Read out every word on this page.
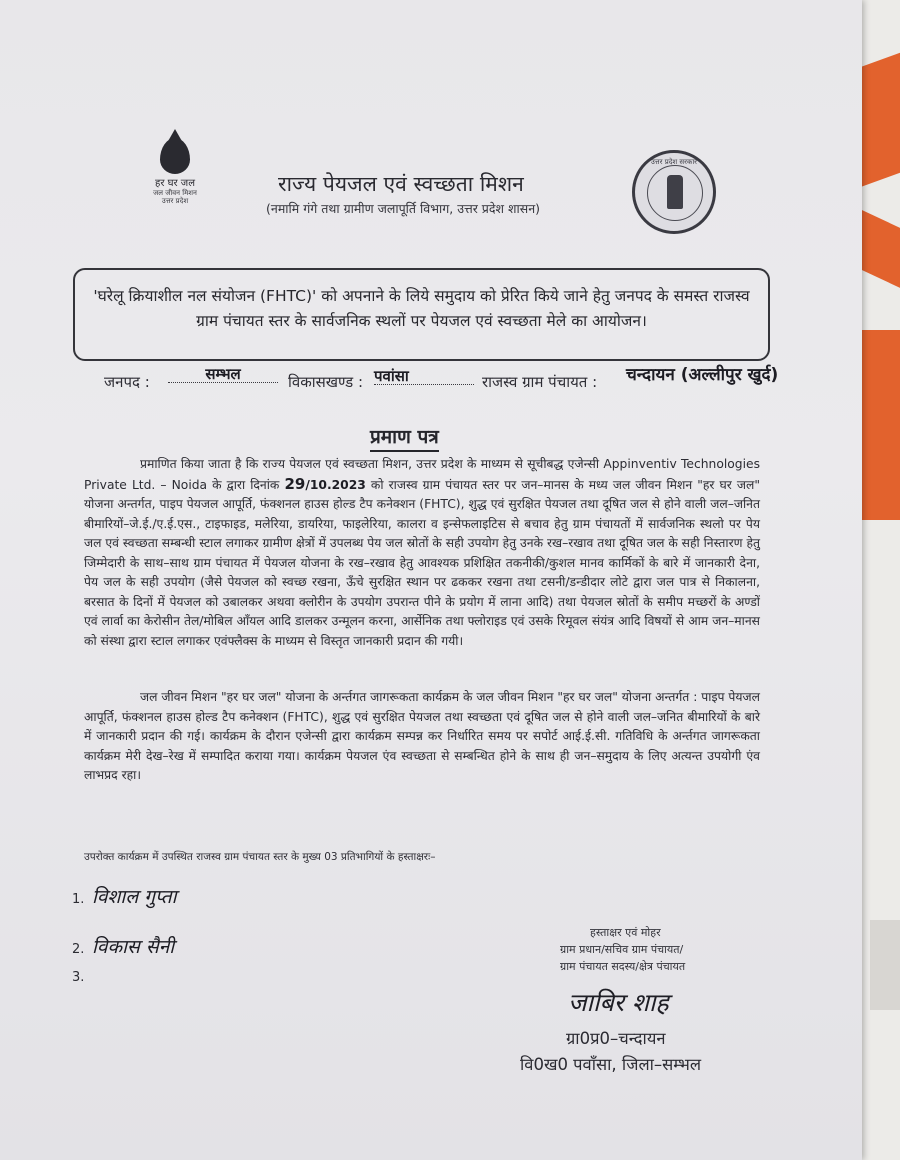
हर घर जल
जल जीवन मिशन
उत्तर प्रदेश
राज्य पेयजल एवं स्वच्छता मिशन
(नमामि गंगे तथा ग्रामीण जलापूर्ति विभाग, उत्तर प्रदेश शासन)
उत्तर प्रदेश सरकार
'घरेलू क्रियाशील नल संयोजन (FHTC)' को अपनाने के लिये समुदाय को प्रेरित किये जाने हेतु जनपद के समस्त राजस्व ग्राम पंचायत स्तर के सार्वजनिक स्थलों पर पेयजल एवं स्वच्छता मेले का आयोजन।
जनपद :	सम्भल	विकासखण्ड : पवांसा	राजस्व ग्राम पंचायत : चन्दायन (अल्लीपुर खुर्द)
प्रमाण पत्र
प्रमाणित किया जाता है कि राज्य पेयजल एवं स्वच्छता मिशन, उत्तर प्रदेश के माध्यम से सूचीबद्ध एजेन्सी Appinventiv Technologies Private Ltd. – Noida के द्वारा दिनांक 29/10.2023 को राजस्व ग्राम पंचायत स्तर पर जन–मानस के मध्य जल जीवन मिशन "हर घर जल" योजना अन्तर्गत, पाइप पेयजल आपूर्ति, फंक्शनल हाउस होल्ड टैप कनेक्शन (FHTC), शुद्ध एवं सुरक्षित पेयजल तथा दूषित जल से होने वाली जल–जनित बीमारियों–जे.ई./ए.ई.एस., टाइफाइड, मलेरिया, डायरिया, फाइलेरिया, कालरा व इन्सेफलाइटिस से बचाव हेतु ग्राम पंचायतों में सार्वजनिक स्थलो पर पेय जल एवं स्वच्छता सम्बन्धी स्टाल लगाकर ग्रामीण क्षेत्रों में उपलब्ध पेय जल स्रोतों के सही उपयोग हेतु उनके रख–रखाव तथा दूषित जल के सही निस्तारण हेतु जिम्मेदारी के साथ–साथ ग्राम पंचायत में पेयजल योजना के रख–रखाव हेतु आवश्यक प्रशिक्षित तकनीकी/कुशल मानव कार्मिकों के बारे में जानकारी देना, पेय जल के सही उपयोग (जैसे पेयजल को स्वच्छ रखना, ऊँचे सुरक्षित स्थान पर ढककर रखना तथा टसनी/डन्डीदार लोटे द्वारा जल पात्र से निकालना, बरसात के दिनों में पेयजल को उबालकर अथवा क्लोरीन के उपयोग उपरान्त पीने के प्रयोग में लाना आदि) तथा पेयजल स्रोतों के समीप मच्छरों के अण्डों एवं लार्वा का केरोसीन तेल/मोबिल आँयल आदि डालकर उन्मूलन करना, आर्सेनिक तथा फ्लोराइड एवं उसके रिमूवल संयंत्र आदि विषयों से आम जन–मानस को संस्था द्वारा स्टाल लगाकर एवंफ्लैक्स के माध्यम से विस्तृत जानकारी प्रदान की गयी।
जल जीवन मिशन "हर घर जल" योजना के अर्न्तगत जागरूकता कार्यक्रम के जल जीवन मिशन "हर घर जल" योजना अन्तर्गत : पाइप पेयजल आपूर्ति, फंक्शनल हाउस होल्ड टैप कनेक्शन (FHTC), शुद्ध एवं सुरक्षित पेयजल तथा स्वच्छता एवं दूषित जल से होने वाली जल–जनित बीमारियों के बारे में जानकारी प्रदान की गई। कार्यक्रम के दौरान एजेन्सी द्वारा कार्यक्रम सम्पन्न कर निर्धारित समय पर सपोर्ट आई.ई.सी. गतिविधि के अर्न्तगत जागरूकता कार्यक्रम मेरी देख–रेख में सम्पादित कराया गया। कार्यक्रम पेयजल एंव स्वच्छता से सम्बन्धित होने के साथ ही जन–समुदाय के लिए अत्यन्त उपयोगी एंव लाभप्रद रहा।
उपरोक्त कार्यक्रम में उपस्थित राजस्व ग्राम पंचायत स्तर के मुख्य 03 प्रतिभागियों के हस्ताक्षरः–
1. विशाल गुप्ता
2. विकास सैनी
3.
हस्ताक्षर एवं मोहर
ग्राम प्रधान/सचिव ग्राम पंचायत/
ग्राम पंचायत सदस्य/क्षेत्र पंचायत
जाबिर शाह
ग्रा0प्र0–चन्दायन
वि0ख0 पवाँसा, जिला–सम्भल
